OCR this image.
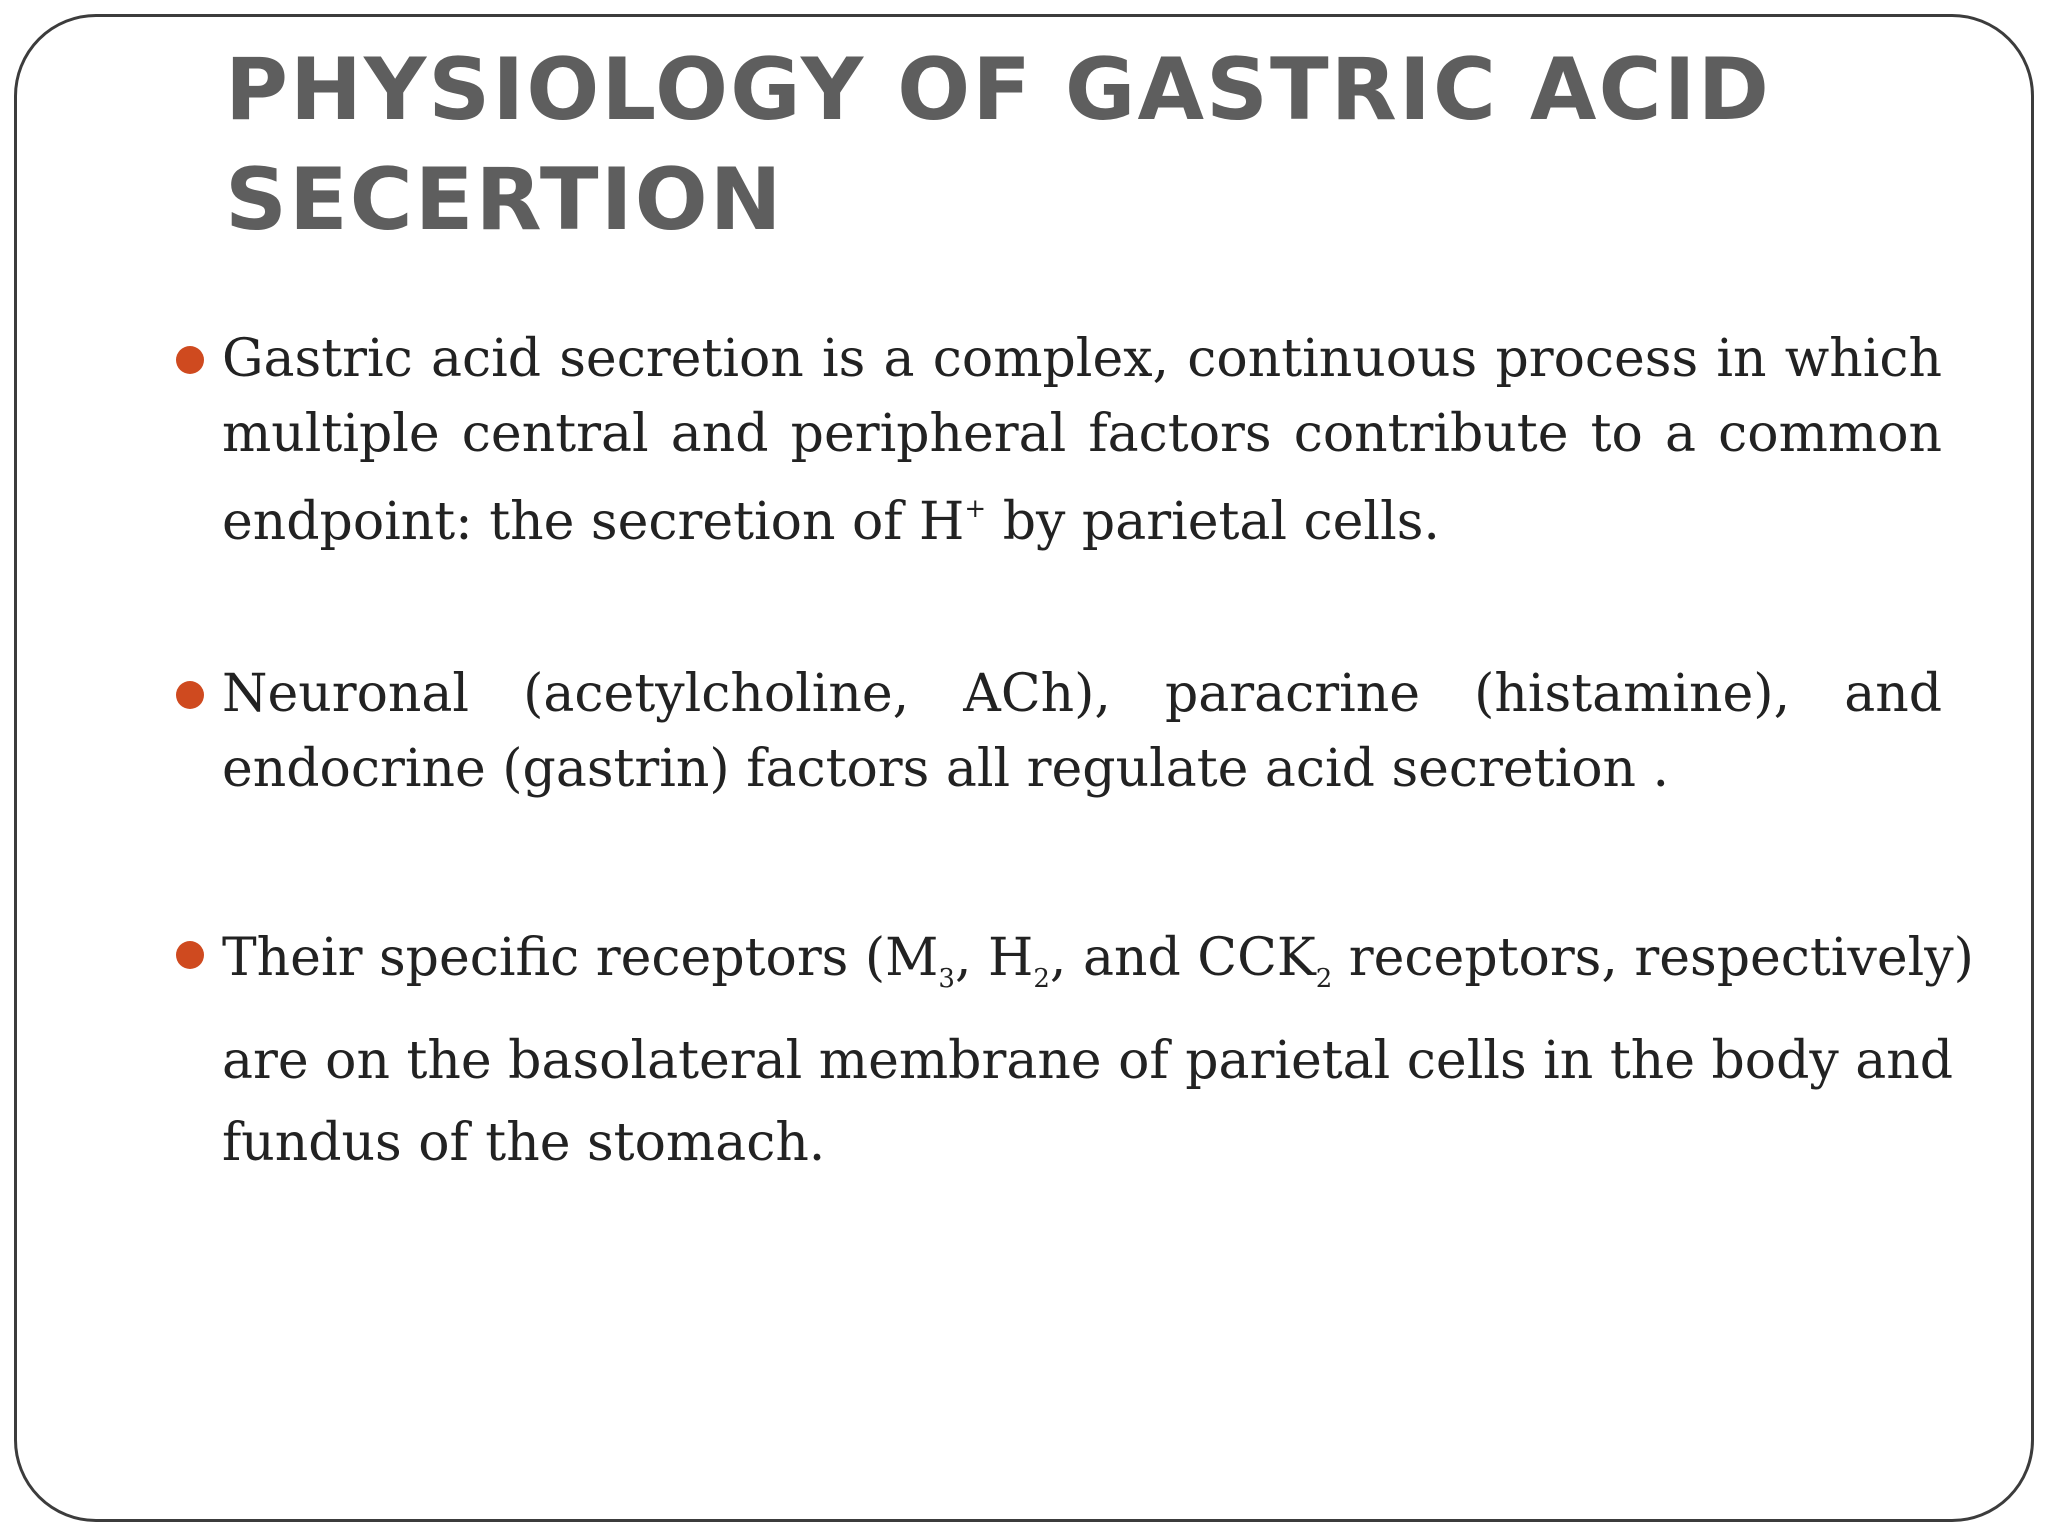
PHYSIOLOGY OF GASTRIC ACID
SECERTION
Gastric acid secretion is a complex, continuous process in which
multiple central and peripheral factors contribute to a common
endpoint: the secretion of H+ by parietal cells.
Neuronal (acetylcholine, ACh), paracrine (histamine), and
endocrine (gastrin) factors all regulate acid secretion .
Their specific receptors ($M_3$, $H_2$, and $CCK_2$ receptors, respectively)
are on the basolateral membrane of parietal cells in the body and
fundus of the stomach.
